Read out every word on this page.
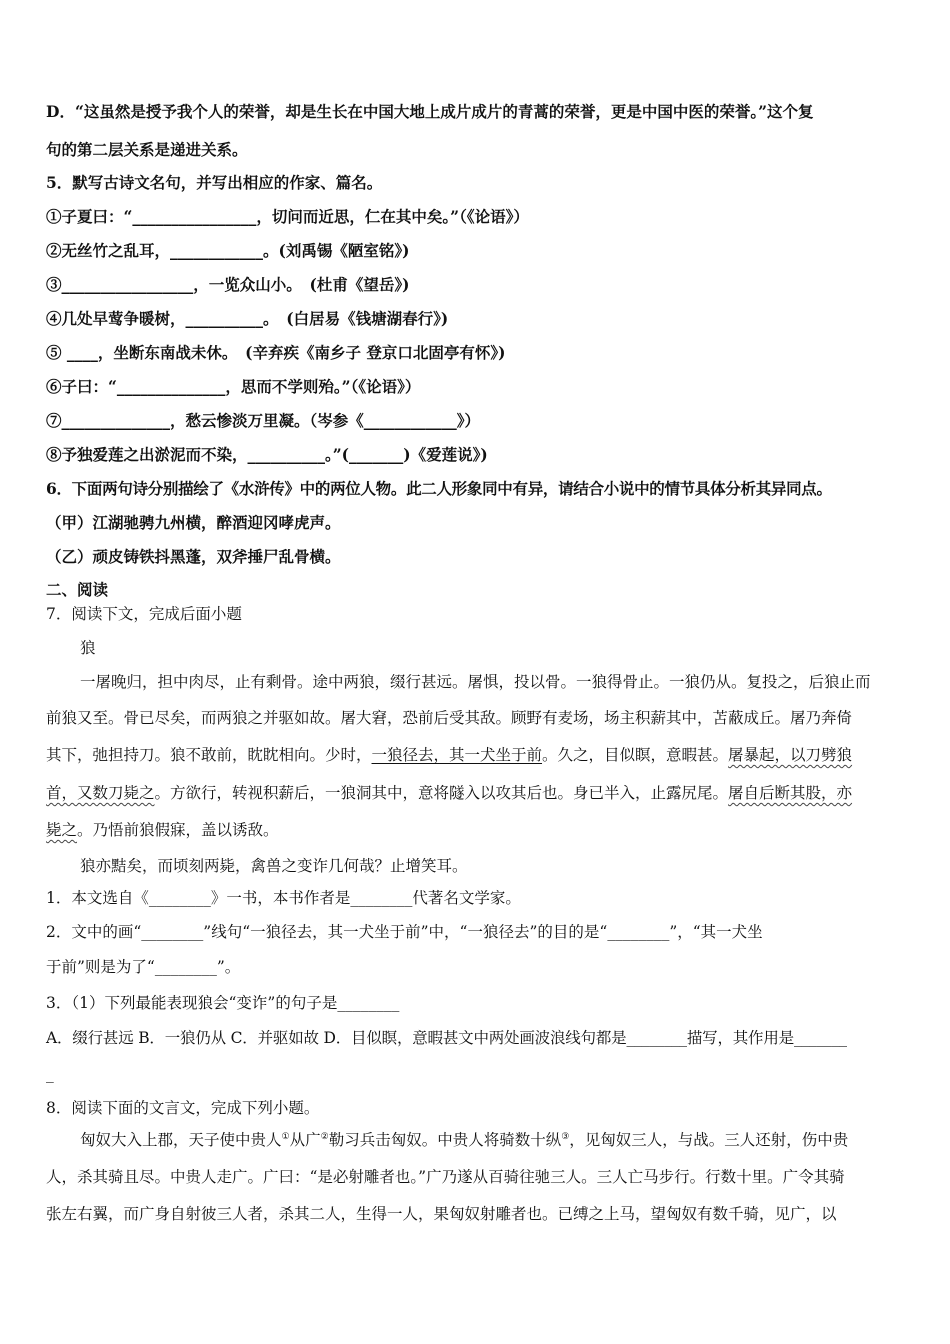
D．“这虽然是授予我个人的荣誉，却是生长在中国大地上成片成片的青蒿的荣誉，更是中国中医的荣誉。”这个复
句的第二层关系是递进关系。
5．默写古诗文名句，并写出相应的作家、篇名。
①子夏曰：“________________，切问而近思，仁在其中矣。”（《论语》）
②无丝竹之乱耳，____________。(刘禹锡《陋室铭》)
③_________________，一览众山小。　(杜甫《望岳》)
④几处早莺争暖树，__________。　(白居易《钱塘湖春行》)
⑤ ____，坐断东南战未休。　(辛弃疾《南乡子 登京口北固亭有怀》)
⑥子曰：“______________，思而不学则殆。”（《论语》）
⑦______________，愁云惨淡万里凝。（岑参《____________》）
⑧予独爱莲之出淤泥而不染，__________。”(_______)《爱莲说》)
6．下面两句诗分别描绘了《水浒传》中的两位人物。此二人形象同中有异，请结合小说中的情节具体分析其异同点。
（甲）江湖驰骋九州横，醉酒迎冈哮虎声。
（乙）顽皮铸铁抖黑蓬，双斧捶尸乱骨横。
二、阅读
7．阅读下文，完成后面小题
狼
一屠晚归，担中肉尽，止有剩骨。途中两狼，缀行甚远。屠惧，投以骨。一狼得骨止。一狼仍从。复投之，后狼止而
前狼又至。骨已尽矣，而两狼之并驱如故。屠大窘，恐前后受其敌。顾野有麦场，场主积薪其中，苫蔽成丘。屠乃奔倚
其下，弛担持刀。狼不敢前，眈眈相向。少时，一狼径去，其一犬坐于前。久之，目似瞑，意暇甚。屠暴起，以刀劈狼
首，又数刀毙之。方欲行，转视积薪后，一狼洞其中，意将隧入以攻其后也。身已半入，止露尻尾。屠自后断其股，亦
毙之。乃悟前狼假寐，盖以诱敌。
狼亦黠矣，而顷刻两毙，禽兽之变诈几何哉？止增笑耳。
1．本文选自《________》一书，本书作者是________代著名文学家。
2．文中的画“________”线句“一狼径去，其一犬坐于前”中，“一狼径去”的目的是“________”，“其一犬坐
于前”则是为了“________”。
3．（1）下列最能表现狼会“变诈”的句子是________
A．缀行甚远 B．一狼仍从 C．并驱如故 D．目似瞑，意暇甚文中两处画波浪线句都是________描写，其作用是_______
_
8．阅读下面的文言文，完成下列小题。
匈奴大入上郡，天子使中贵人①从广②勒习兵击匈奴。中贵人将骑数十纵③，见匈奴三人，与战。三人还射，伤中贵
人，杀其骑且尽。中贵人走广。广曰：“是必射雕者也。”广乃遂从百骑往驰三人。三人亡马步行。行数十里。广令其骑
张左右翼，而广身自射彼三人者，杀其二人，生得一人，果匈奴射雕者也。已缚之上马，望匈奴有数千骑，见广，以
